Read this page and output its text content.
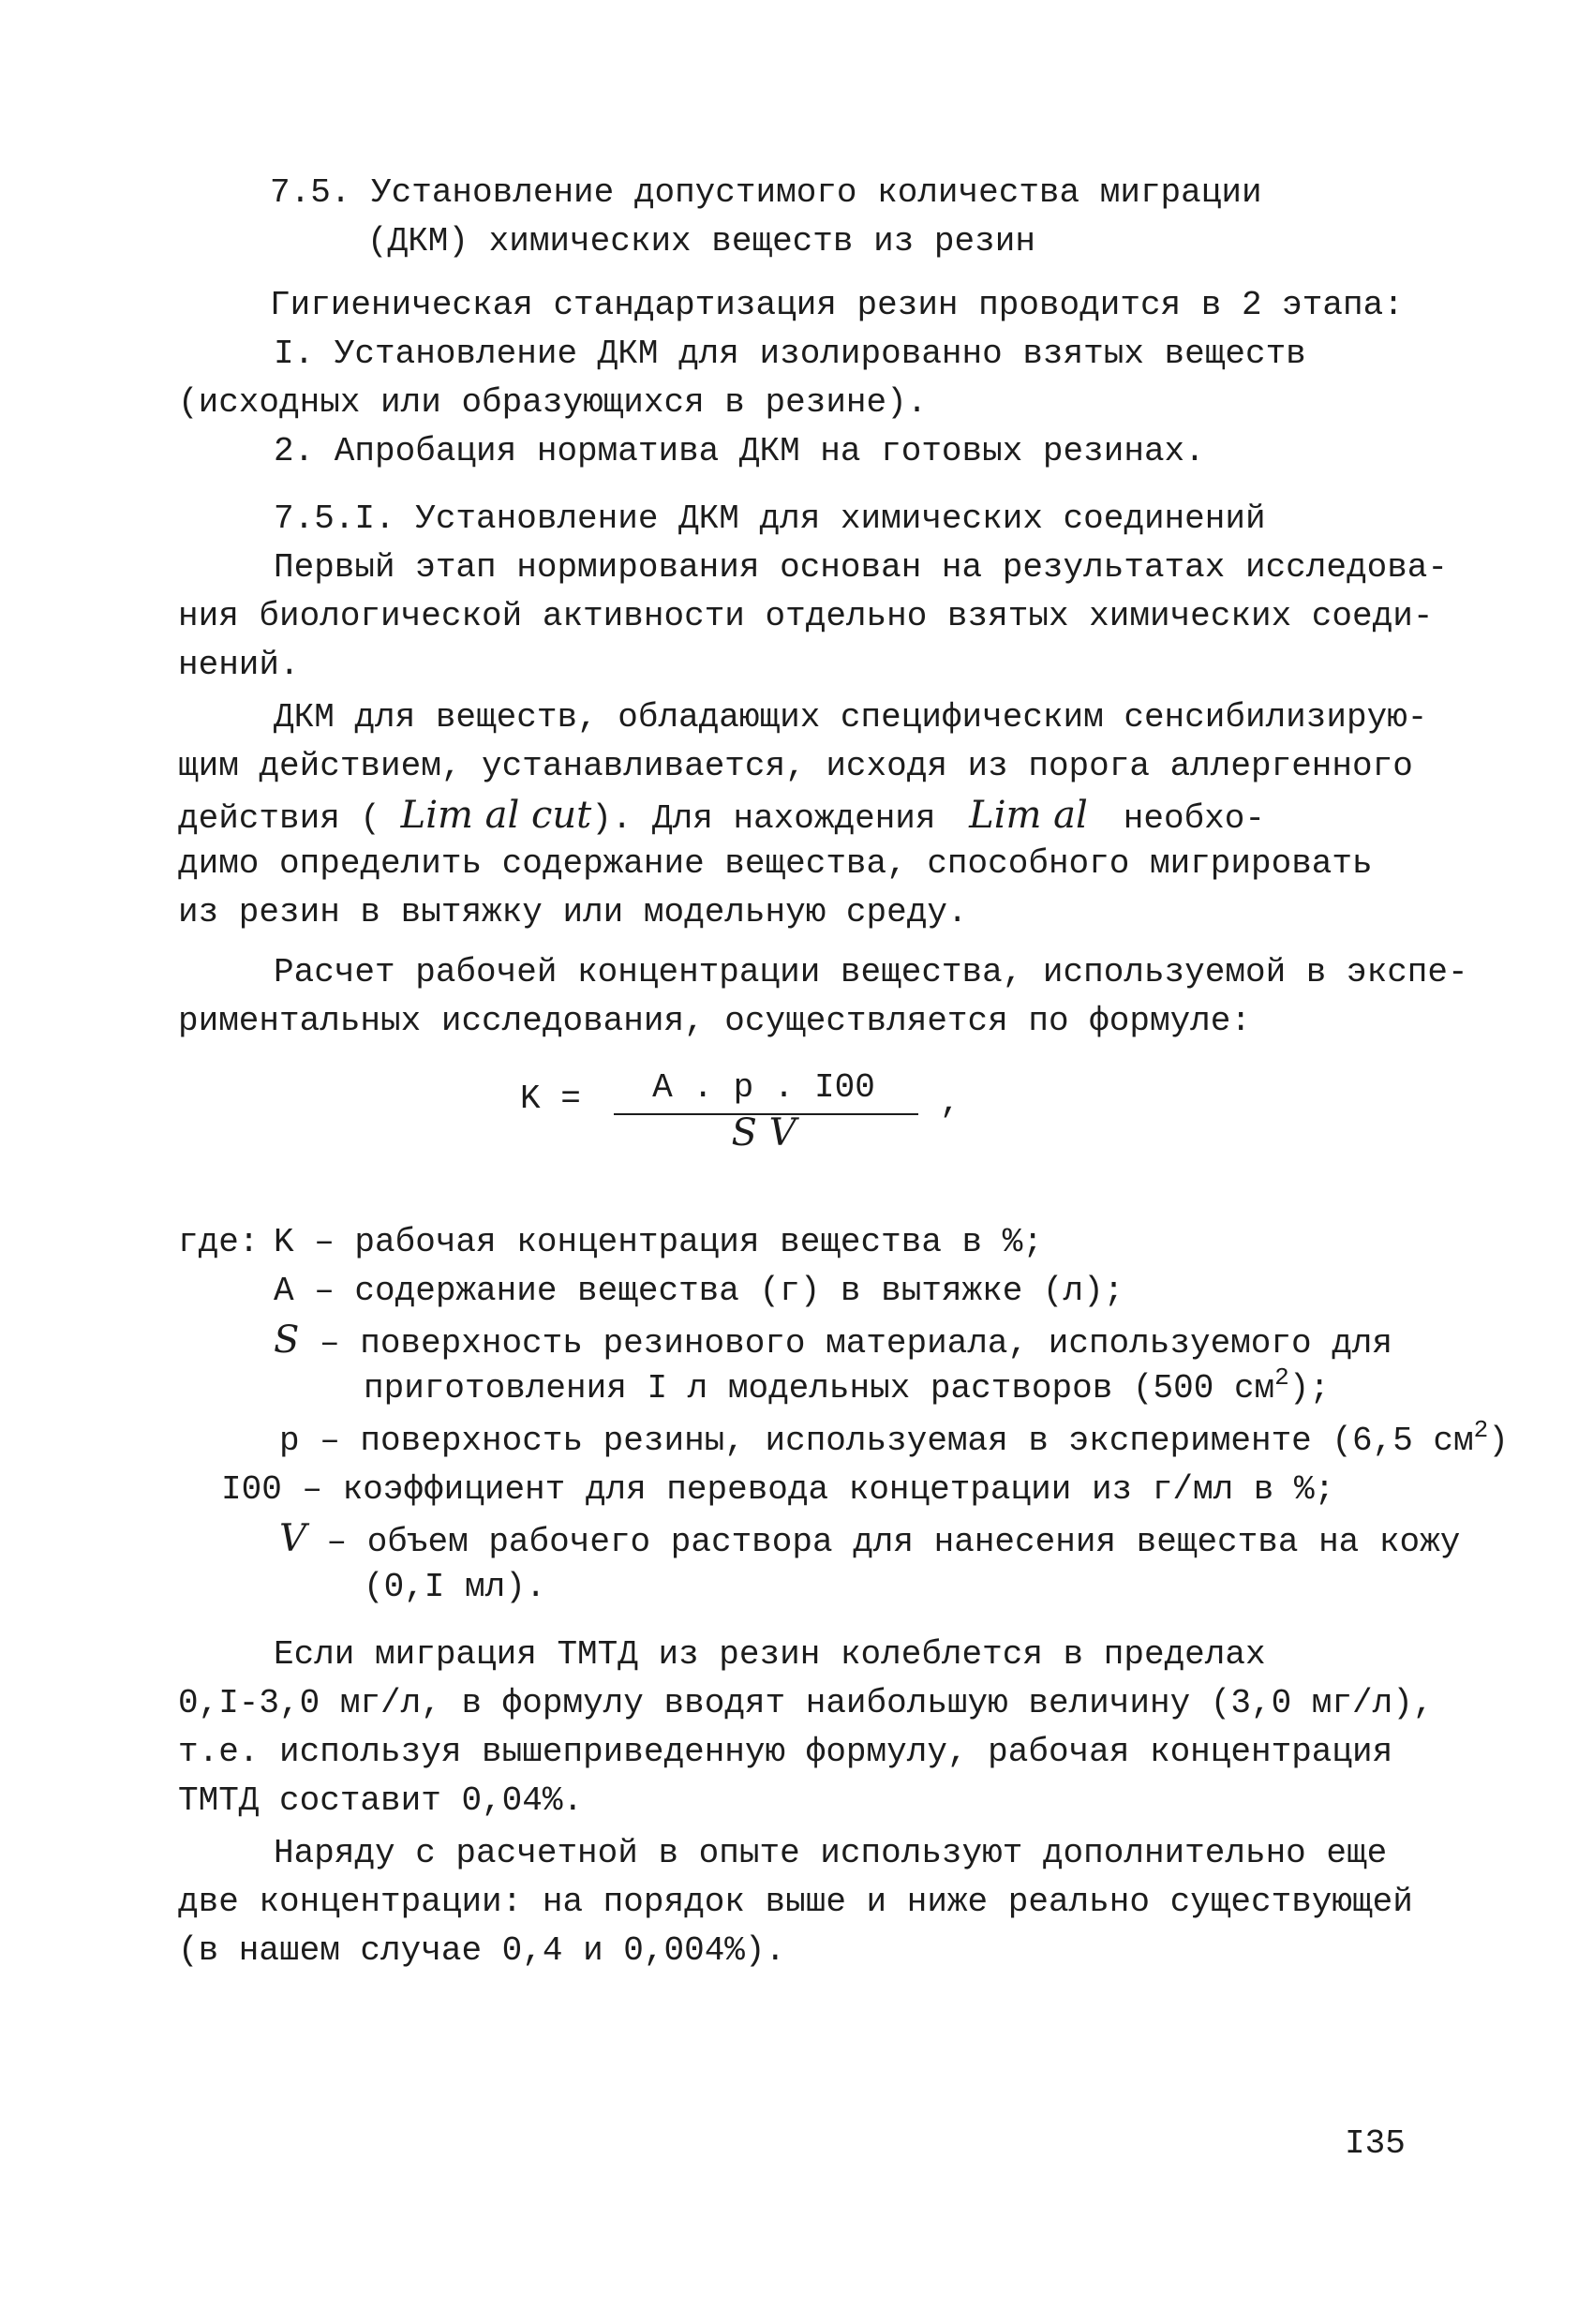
7.5. Установление допустимого количества миграции

(ДКМ) химических веществ из резин

Гигиеническая стандартизация резин проводится в 2 этапа:

I. Установление ДКМ для изолированно взятых веществ

(исходных или образующихся в резине).

2. Апробация норматива ДКМ на готовых резинах.

7.5.I. Установление ДКМ для химических соединений

Первый этап нормирования основан на результатах исследова-

ния биологической активности отдельно взятых химических соеди-

нений.

ДКМ для веществ, обладающих специфическим сенсибилизирую-

щим действием, устанавливается, исходя из порога аллергенного

действия ( Lim al cut). Для нахождения Lim al необхо-

димо определить содержание вещества, способного мигрировать

из резин в вытяжку или модельную среду.

Расчет рабочей концентрации вещества, используемой в экспе-

риментальных исследования, осуществляется по формуле:

K =	A . p . I00
S V
,

где: K – рабочая концентрация вещества в %;

A – содержание вещества (г) в вытяжке (л);

S – поверхность резинового материала, используемого для

приготовления I л модельных растворов (500 $см^2$);

р – поверхность резины, используемая в эксперименте (6,5 $см^2$)

I00 – коэффициент для перевода концетрации из г/мл в %;

V – объем рабочего раствора для нанесения вещества на кожу

(0,I мл).

Если миграция ТМТД из резин колеблется в пределах

0,I-3,0 мг/л, в формулу вводят наибольшую величину (3,0 мг/л),

т.е. используя вышеприведенную формулу, рабочая концентрация

ТМТД составит 0,04%.

Наряду с расчетной в опыте используют дополнительно еще

две концентрации: на порядок выше и ниже реально существующей

(в нашем случае 0,4 и 0,004%).

I35
